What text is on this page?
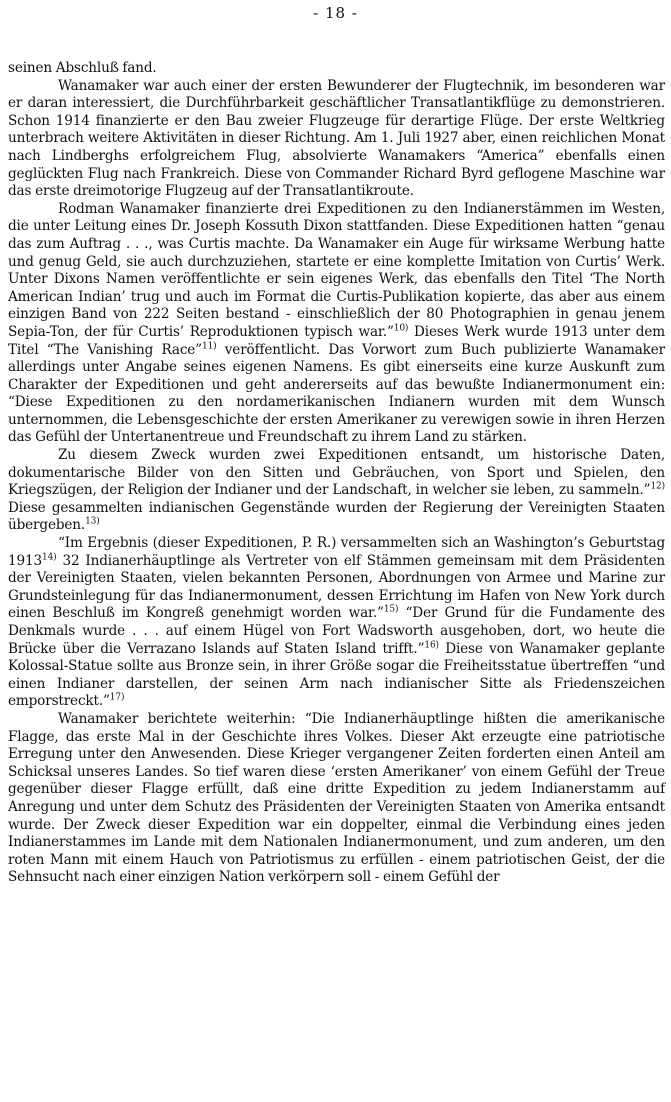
- 18 -

seinen Abschluß fand.

Wanamaker war auch einer der ersten Bewunderer der Flugtechnik, im besonderen war er daran interessiert, die Durchführbarkeit geschäftlicher Transatlantikflüge zu demonstrieren. Schon 1914 finanzierte er den Bau zweier Flugzeuge für derartige Flüge. Der erste Weltkrieg unterbrach weitere Aktivitäten in dieser Richtung. Am 1. Juli 1927 aber, einen reichlichen Monat nach Lindberghs erfolgreichem Flug, absolvierte Wanamakers “America” ebenfalls einen geglückten Flug nach Frankreich. Diese von Commander Richard Byrd geflogene Maschine war das erste dreimotorige Flugzeug auf der Transatlantikroute.

Rodman Wanamaker finanzierte drei Expeditionen zu den Indianerstämmen im Westen, die unter Leitung eines Dr. Joseph Kossuth Dixon stattfanden. Diese Expeditionen hatten “genau das zum Auftrag . . ., was Curtis machte. Da Wanamaker ein Auge für wirksame Werbung hatte und genug Geld, sie auch durchzuziehen, startete er eine komplette Imitation von Curtis’ Werk. Unter Dixons Namen veröffentlichte er sein eigenes Werk, das ebenfalls den Titel ‘The North American Indian’ trug und auch im Format die Curtis-Publikation kopierte, das aber aus einem einzigen Band von 222 Seiten bestand - einschließlich der 80 Photographien in genau jenem Sepia-Ton, der für Curtis’ Reproduktionen typisch war.”$^{10)}$ Dieses Werk wurde 1913 unter dem Titel “The Vanishing Race”$^{11)}$ veröffentlicht. Das Vorwort zum Buch publizierte Wanamaker allerdings unter Angabe seines eigenen Namens. Es gibt einerseits eine kurze Auskunft zum Charakter der Expeditionen und geht andererseits auf das bewußte Indianermonument ein: “Diese Expeditionen zu den nordamerikanischen Indianern wurden mit dem Wunsch unternommen, die Lebensgeschichte der ersten Amerikaner zu verewigen sowie in ihren Herzen das Gefühl der Untertanentreue und Freundschaft zu ihrem Land zu stärken.

Zu diesem Zweck wurden zwei Expeditionen entsandt, um historische Daten, dokumentarische Bilder von den Sitten und Gebräuchen, von Sport und Spielen, den Kriegszügen, der Religion der Indianer und der Landschaft, in welcher sie leben, zu sammeln.”$^{12)}$ Diese gesammelten indianischen Gegenstände wurden der Regierung der Vereinigten Staaten übergeben.$^{13)}$

“Im Ergebnis (dieser Expeditionen, P. R.) versammelten sich an Washington’s Geburtstag 1913$^{14)}$ 32 Indianerhäuptlinge als Vertreter von elf Stämmen gemeinsam mit dem Präsidenten der Vereinigten Staaten, vielen bekannten Personen, Abordnungen von Armee und Marine zur Grundsteinlegung für das Indianermonument, dessen Errichtung im Hafen von New York durch einen Beschluß im Kongreß genehmigt worden war.”$^{15)}$ “Der Grund für die Fundamente des Denkmals wurde . . . auf einem Hügel von Fort Wadsworth ausgehoben, dort, wo heute die Brücke über die Verrazano Islands auf Staten Island trifft.”$^{16)}$ Diese von Wanamaker geplante Kolossal-Statue sollte aus Bronze sein, in ihrer Größe sogar die Freiheitsstatue übertreffen “und einen Indianer darstellen, der seinen Arm nach indianischer Sitte als Friedenszeichen emporstreckt.”$^{17)}$

Wanamaker berichtete weiterhin: “Die Indianerhäuptlinge hißten die amerikanische Flagge, das erste Mal in der Geschichte ihres Volkes. Dieser Akt erzeugte eine patriotische Erregung unter den Anwesenden. Diese Krieger vergangener Zeiten forderten einen Anteil am Schicksal unseres Landes. So tief waren diese ‘ersten Amerikaner’ von einem Gefühl der Treue gegenüber dieser Flagge erfüllt, daß eine dritte Expedition zu jedem Indianerstamm auf Anregung und unter dem Schutz des Präsidenten der Vereinigten Staaten von Amerika entsandt wurde. Der Zweck dieser Expedition war ein doppelter, einmal die Verbindung eines jeden Indianerstammes im Lande mit dem Nationalen Indianermonument, und zum anderen, um den roten Mann mit einem Hauch von Patriotismus zu erfüllen - einem patriotischen Geist, der die Sehnsucht nach einer einzigen Nation verkörpern soll - einem Gefühl der
